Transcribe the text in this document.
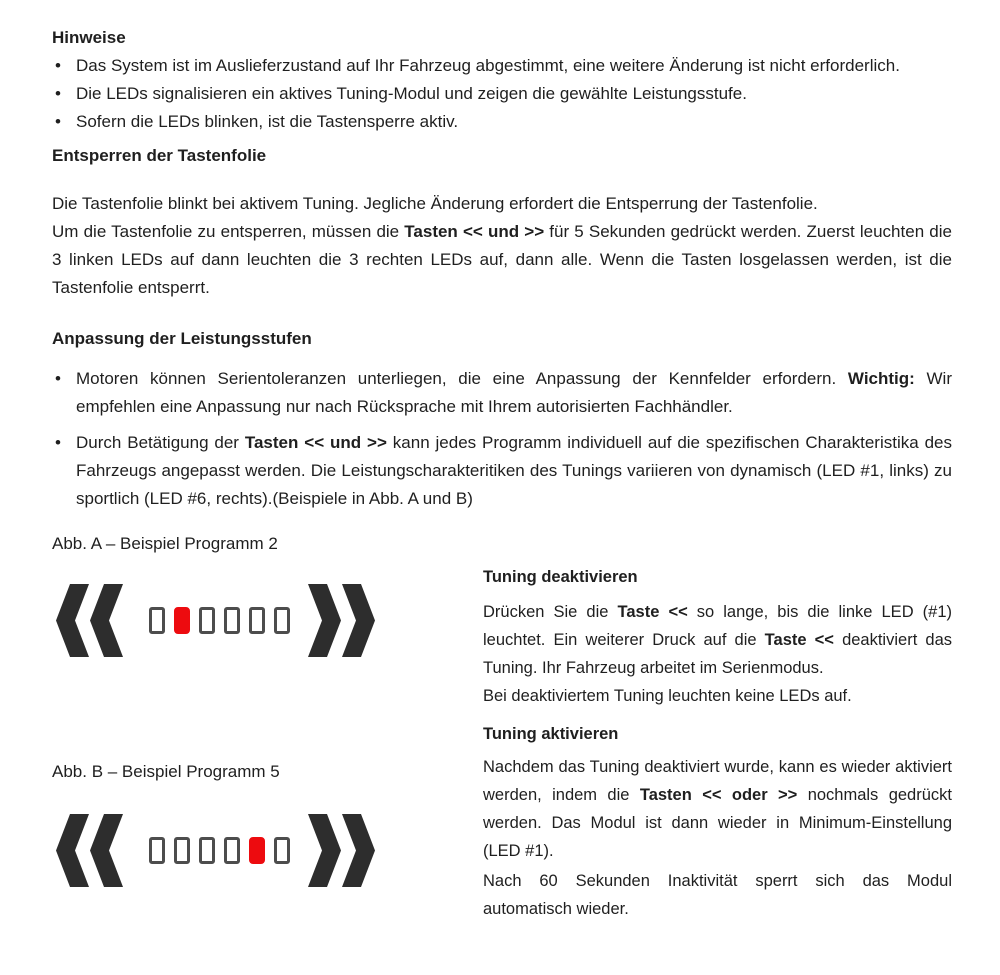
Hinweise
• Das System ist im Auslieferzustand auf Ihr Fahrzeug abgestimmt, eine weitere Änderung ist nicht erforderlich.
• Die LEDs signalisieren ein aktives Tuning-Modul und zeigen die gewählte Leistungsstufe.
• Sofern die LEDs blinken, ist die Tastensperre aktiv.
Entsperren der Tastenfolie

Die Tastenfolie blinkt bei aktivem Tuning. Jegliche Änderung erfordert die Entsperrung der Tastenfolie.

Um die Tastenfolie zu entsperren, müssen die Tasten << und >> für 5 Sekunden gedrückt werden. Zuerst leuchten die 3 linken LEDs auf dann leuchten die 3 rechten LEDs auf, dann alle. Wenn die Tasten losgelassen werden, ist die Tastenfolie entsperrt.

Anpassung der Leistungsstufen
• Motoren können Serientoleranzen unterliegen, die eine Anpassung der Kennfelder erfordern. Wichtig: Wir empfehlen eine Anpassung nur nach Rücksprache mit Ihrem autorisierten Fachhändler.
• Durch Betätigung der Tasten << und >> kann jedes Programm individuell auf die spezifischen Charakteristika des Fahrzeugs angepasst werden. Die Leistungscharakteritiken des Tunings variieren von dynamisch (LED #1, links) zu sportlich (LED #6, rechts).(Beispiele in Abb. A und B)

Abb. A – Beispiel Programm 2

Abb. B – Beispiel Programm 5

Tuning deaktivieren

Drücken Sie die Taste << so lange, bis die linke LED (#1) leuchtet. Ein weiterer Druck auf die Taste << deaktiviert das Tuning. Ihr Fahrzeug arbeitet im Serienmodus.

Bei deaktiviertem Tuning leuchten keine LEDs auf.

Tuning aktivieren

Nachdem das Tuning deaktiviert wurde, kann es wieder aktiviert werden, indem die Tasten << oder >> nochmals gedrückt werden. Das Modul ist dann wieder in Minimum-Einstellung (LED #1).

Nach 60 Sekunden Inaktivität sperrt sich das Modul automatisch wieder.
